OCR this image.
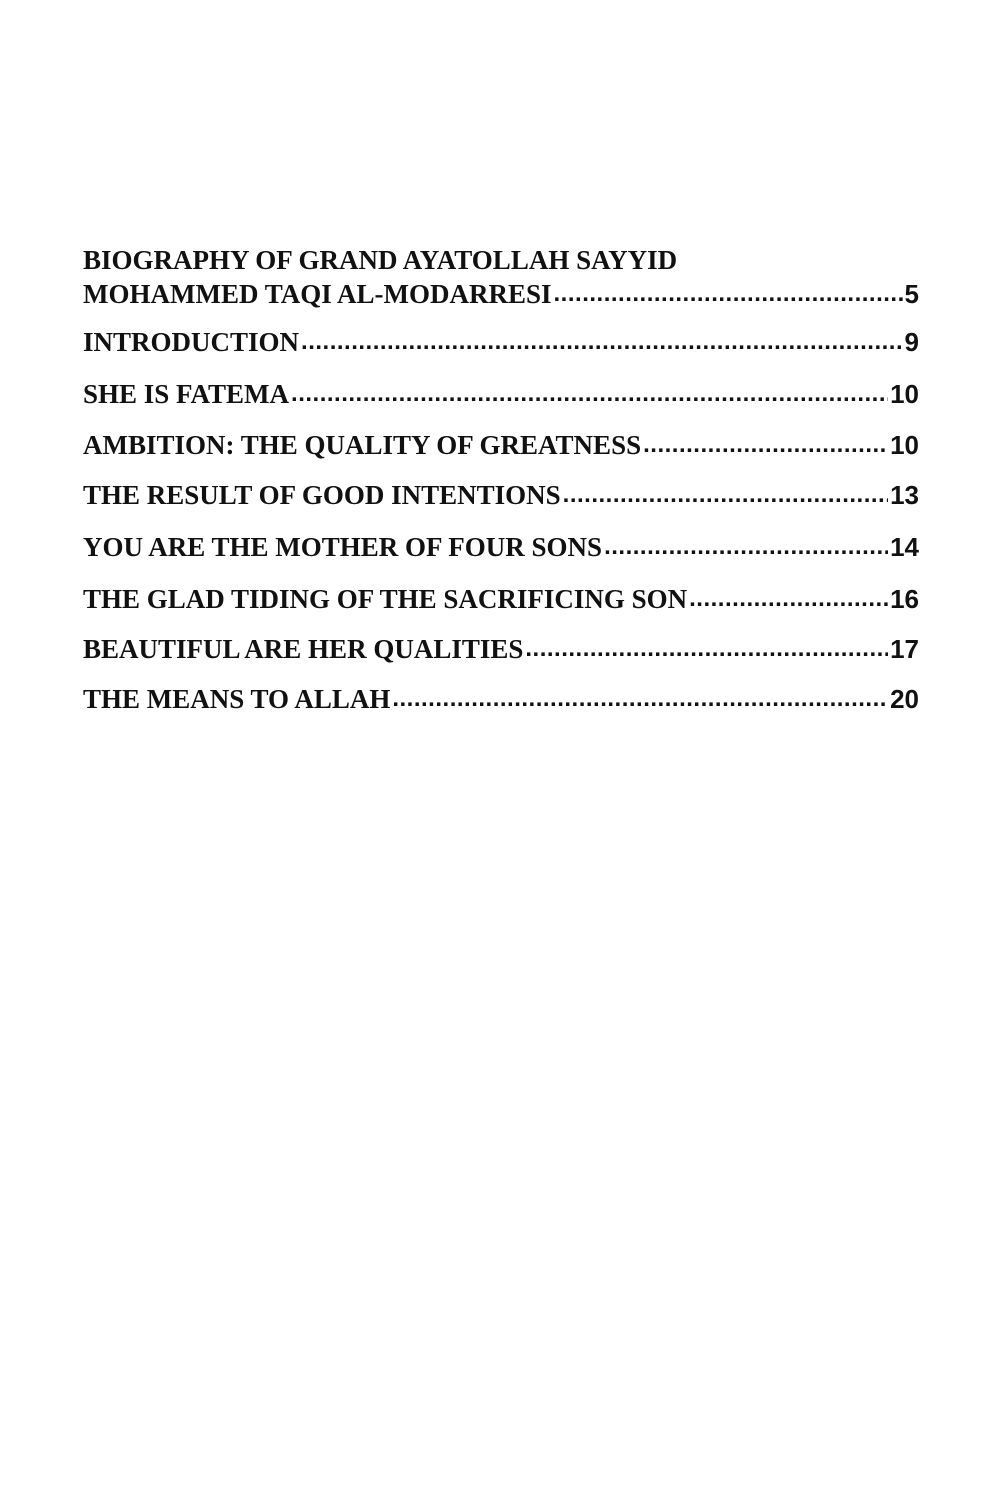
BIOGRAPHY OF GRAND AYATOLLAH SAYYID
MOHAMMED TAQI AL-MODARRESI .....	5
INTRODUCTION .....	9
SHE IS FATEMA .....	10
AMBITION: THE QUALITY OF GREATNESS .....	10
THE RESULT OF GOOD INTENTIONS .....	13
YOU ARE THE MOTHER OF FOUR SONS .....	14
THE GLAD TIDING OF THE SACRIFICING SON .....	16
BEAUTIFUL ARE HER QUALITIES .....	17
THE MEANS TO ALLAH .....	20
